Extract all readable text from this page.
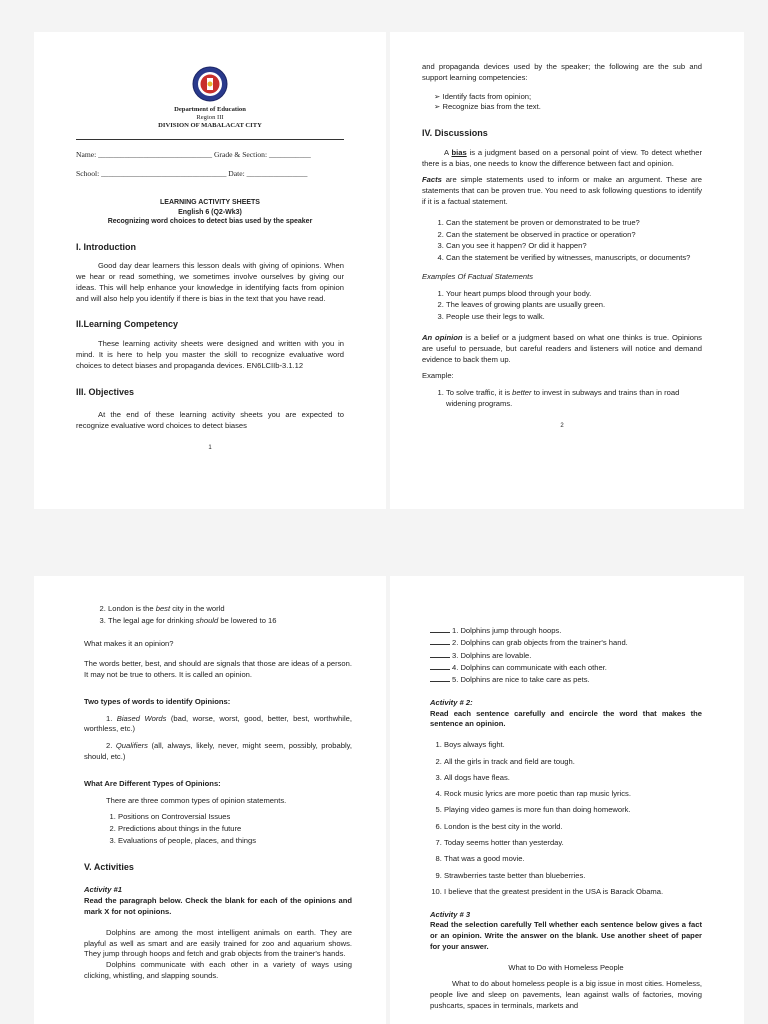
Department of Education
Region III
DIVISION OF MABALACAT CITY
Name: ______________________________ Grade & Section: ___________
School: _________________________________ Date: ________________
LEARNING ACTIVITY SHEETS
English 6 (Q2-Wk3)
Recognizing word choices to detect bias used by the speaker
I. Introduction

Good day dear learners this lesson deals with giving of opinions. When we hear or read something, we sometimes involve ourselves by giving our ideas. This will help enhance your knowledge in identifying facts from opinion and will also help you identify if there is bias in the text that you have read.

II.Learning Competency

These learning activity sheets were designed and written with you in mind. It is here to help you master the skill to recognize evaluative word choices to detect biases and propaganda devices. EN6LCIIb-3.1.12

III. Objectives

At the end of these learning activity sheets you are expected to recognize evaluative word choices to detect biases

1

and propaganda devices used by the speaker; the following are the sub and support learning competencies:

➢ Identify facts from opinion;
➢ Recognize bias from the text.
IV. Discussions

A bias is a judgment based on a personal point of view. To detect whether there is a bias, one needs to know the difference between fact and opinion.

Facts are simple statements used to inform or make an argument. These are statements that can be proven true. You need to ask following questions to identify if it is a factual statement.

1. Can the statement be proven or demonstrated to be true?
2. Can the statement be observed in practice or operation?
3. Can you see it happen? Or did it happen?
4. Can the statement be verified by witnesses, manuscripts, or documents?

Examples Of Factual Statements

1. Your heart pumps blood through your body.
2. The leaves of growing plants are usually green.
3. People use their legs to walk.

An opinion is a belief or a judgment based on what one thinks is true. Opinions are useful to persuade, but careful readers and listeners will notice and demand evidence to back them up.

Example:

1. To solve traffic, it is better to invest in subways and trains than in road widening programs.
2
2. London is the best city in the world
3. The legal age for drinking should be lowered to 16

What makes it an opinion?

The words better, best, and should are signals that those are ideas of a person. It may not be true to others. It is called an opinion.

Two types of words to identify Opinions:

1. Biased Words (bad, worse, worst, good, better, best, worthwhile, worthless, etc.)

2. Qualifiers (all, always, likely, never, might seem, possibly, probably, should, etc.)

What Are Different Types of Opinions:

There are three common types of opinion statements.

1. Positions on Controversial Issues
2. Predictions about things in the future
3. Evaluations of people, places, and things
V. Activities

Activity #1

Read the paragraph below. Check the blank for each of the opinions and mark X for not opinions.

Dolphins are among the most intelligent animals on earth. They are playful as well as smart and are easily trained for zoo and aquarium shows. They jump through hoops and fetch and grab objects from the trainer's hands.

Dolphins communicate with each other in a variety of ways using clicking, whistling, and slapping sounds.

1. Dolphins jump through hoops.
2. Dolphins can grab objects from the trainer's hand.
3. Dolphins are lovable.
4. Dolphins can communicate with each other.
5. Dolphins are nice to take care as pets.

Activity # 2:

Read each sentence carefully and encircle the word that makes the sentence an opinion.

1. Boys always fight.
2. All the girls in track and field are tough.
3. All dogs have fleas.
4. Rock music lyrics are more poetic than rap music lyrics.
5. Playing video games is more fun than doing homework.
6. London is the best city in the world.
7. Today seems hotter than yesterday.
8. That was a good movie.
9. Strawberries taste better than blueberries.
10. I believe that the greatest president in the USA is Barack Obama.

Activity # 3

Read the selection carefully Tell whether each sentence below gives a fact or an opinion. Write the answer on the blank. Use another sheet of paper for your answer.

What to Do with Homeless People

What to do about homeless people is a big issue in most cities. Homeless, people live and sleep on pavements, lean against walls of factories, moving pushcarts, spaces in terminals, markets and
